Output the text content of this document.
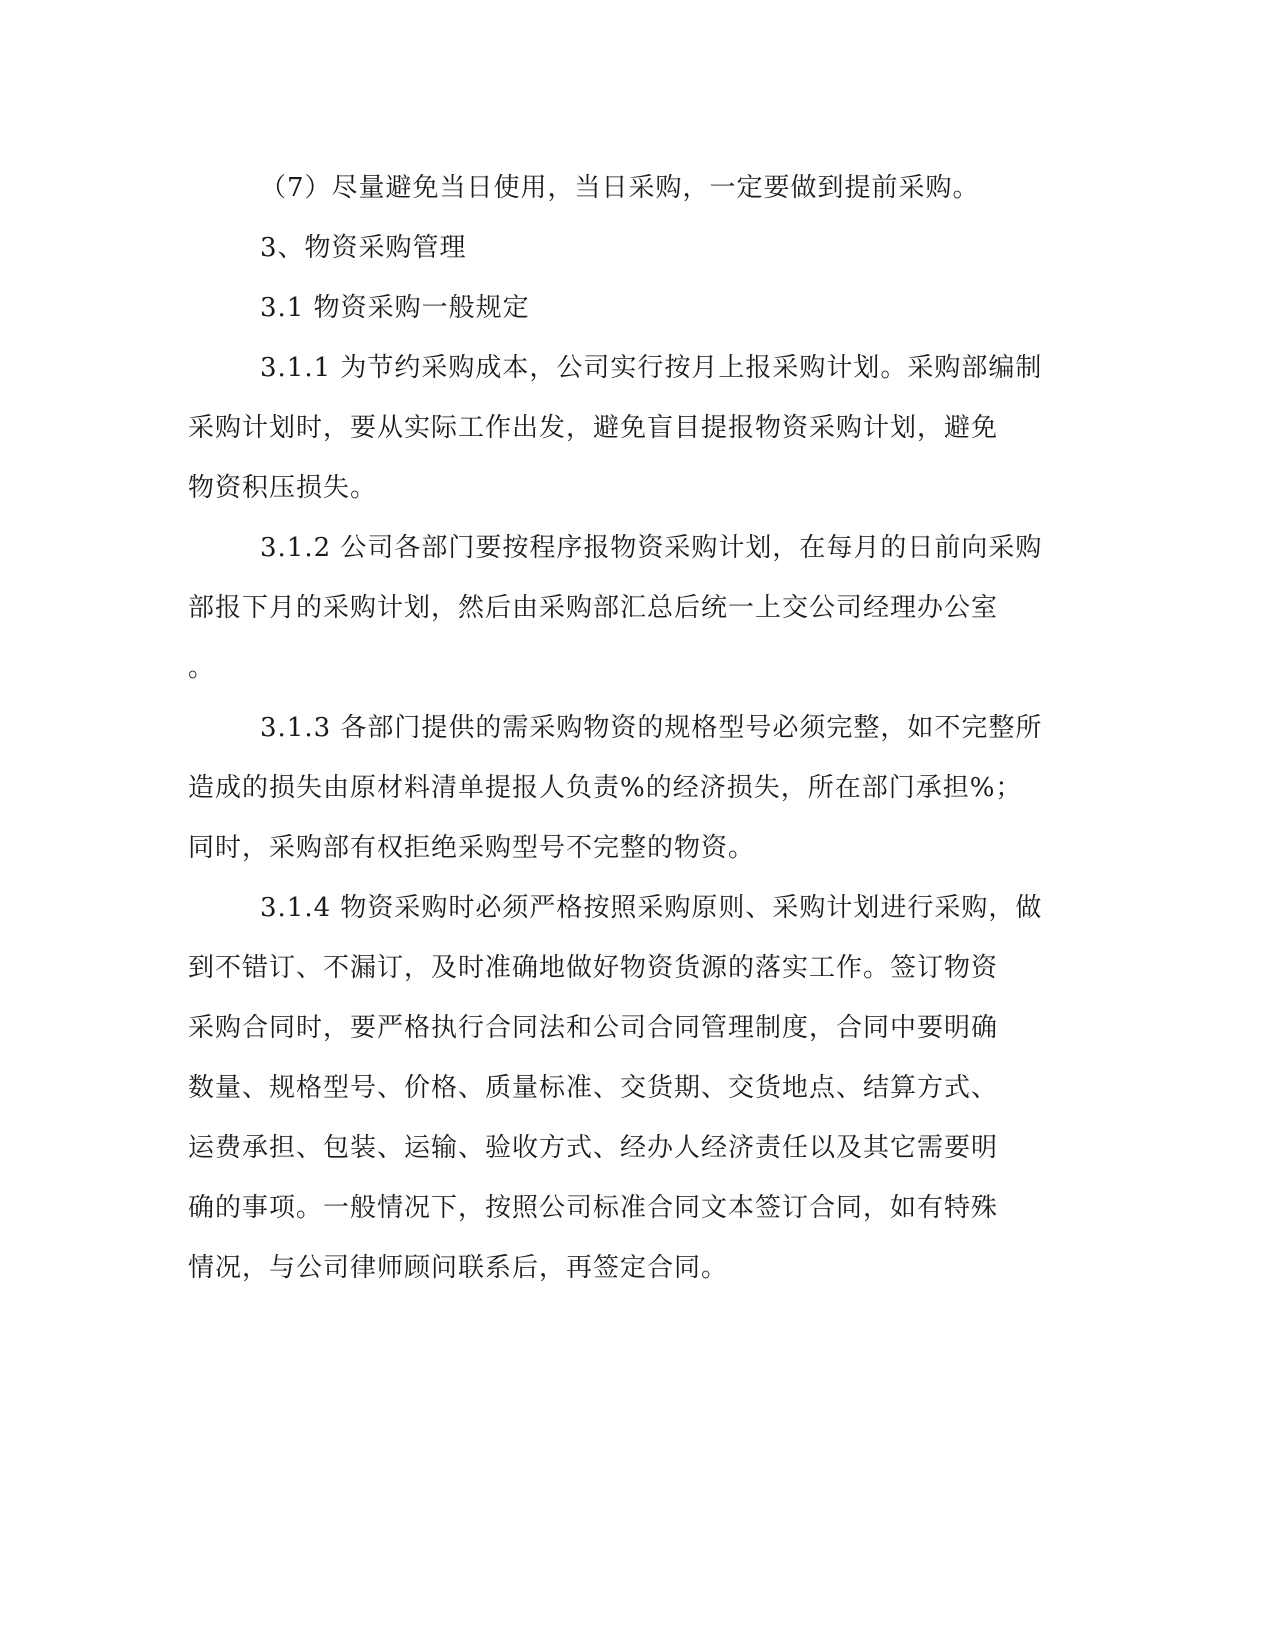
（7）尽量避免当日使用，当日采购，一定要做到提前采购。

3、物资采购管理

3.1 物资采购一般规定

3.1.1 为节约采购成本，公司实行按月上报采购计划。采购部编制
采购计划时，要从实际工作出发，避免盲目提报物资采购计划，避免
物资积压损失。

3.1.2 公司各部门要按程序报物资采购计划，在每月的日前向采购
部报下月的采购计划，然后由采购部汇总后统一上交公司经理办公室
。

3.1.3 各部门提供的需采购物资的规格型号必须完整，如不完整所
造成的损失由原材料清单提报人负责%的经济损失，所在部门承担%；
同时，采购部有权拒绝采购型号不完整的物资。

3.1.4 物资采购时必须严格按照采购原则、采购计划进行采购，做
到不错订、不漏订，及时准确地做好物资货源的落实工作。签订物资
采购合同时，要严格执行合同法和公司合同管理制度，合同中要明确
数量、规格型号、价格、质量标准、交货期、交货地点、结算方式、
运费承担、包装、运输、验收方式、经办人经济责任以及其它需要明
确的事项。一般情况下，按照公司标准合同文本签订合同，如有特殊
情况，与公司律师顾问联系后，再签定合同。
